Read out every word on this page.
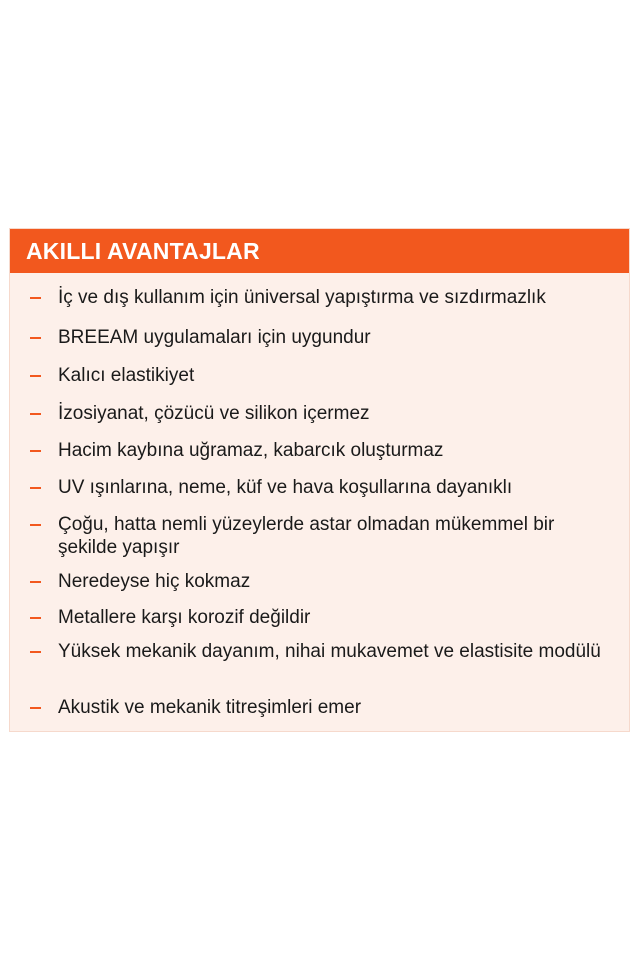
AKILLI AVANTAJLAR
İç ve dış kullanım için üniversal yapıştırma ve sızdırmazlık
BREEAM uygulamaları için uygundur
Kalıcı elastikiyet
İzosiyanat, çözücü ve silikon içermez
Hacim kaybına uğramaz, kabarcık oluşturmaz
UV ışınlarına, neme, küf ve hava koşullarına dayanıklı
Çoğu, hatta nemli yüzeylerde astar olmadan mükemmel bir şekilde yapışır
Neredeyse hiç kokmaz
Metallere karşı korozif değildir
Yüksek mekanik dayanım, nihai mukavemet ve elastisite modülü
Akustik ve mekanik titreşimleri emer
